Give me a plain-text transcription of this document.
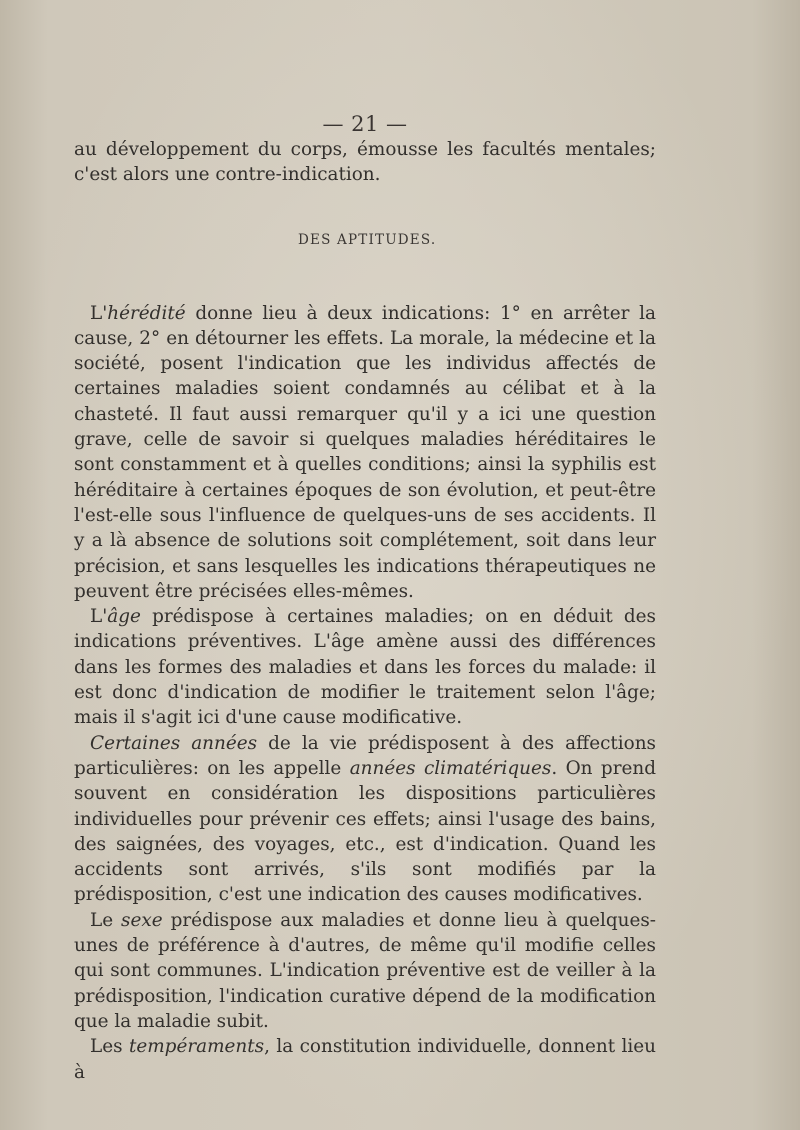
— 21 —

au développement du corps, émousse les facultés mentales; c'est alors une contre-indication.

DES APTITUDES.

L'hérédité donne lieu à deux indications: 1° en arrêter la cause, 2° en détourner les effets. La morale, la médecine et la société, posent l'indication que les individus affectés de certaines maladies soient condamnés au célibat et à la chasteté. Il faut aussi remarquer qu'il y a ici une question grave, celle de savoir si quelques maladies héréditaires le sont constamment et à quelles conditions; ainsi la syphilis est héréditaire à certaines époques de son évolution, et peut-être l'est-elle sous l'influence de quelques-uns de ses accidents. Il y a là absence de solutions soit complétement, soit dans leur précision, et sans lesquelles les indications thérapeutiques ne peuvent être précisées elles-mêmes.

L'âge prédispose à certaines maladies; on en déduit des indications préventives. L'âge amène aussi des différences dans les formes des maladies et dans les forces du malade: il est donc d'indication de modifier le traitement selon l'âge; mais il s'agit ici d'une cause modificative.

Certaines années de la vie prédisposent à des affections particulières: on les appelle années climatériques. On prend souvent en considération les dispositions particulières individuelles pour prévenir ces effets; ainsi l'usage des bains, des saignées, des voyages, etc., est d'indication. Quand les accidents sont arrivés, s'ils sont modifiés par la prédisposition, c'est une indication des causes modificatives.

Le sexe prédispose aux maladies et donne lieu à quelques-unes de préférence à d'autres, de même qu'il modifie celles qui sont communes. L'indication préventive est de veiller à la prédisposition, l'indication curative dépend de la modification que la maladie subit.

Les tempéraments, la constitution individuelle, donnent lieu à
